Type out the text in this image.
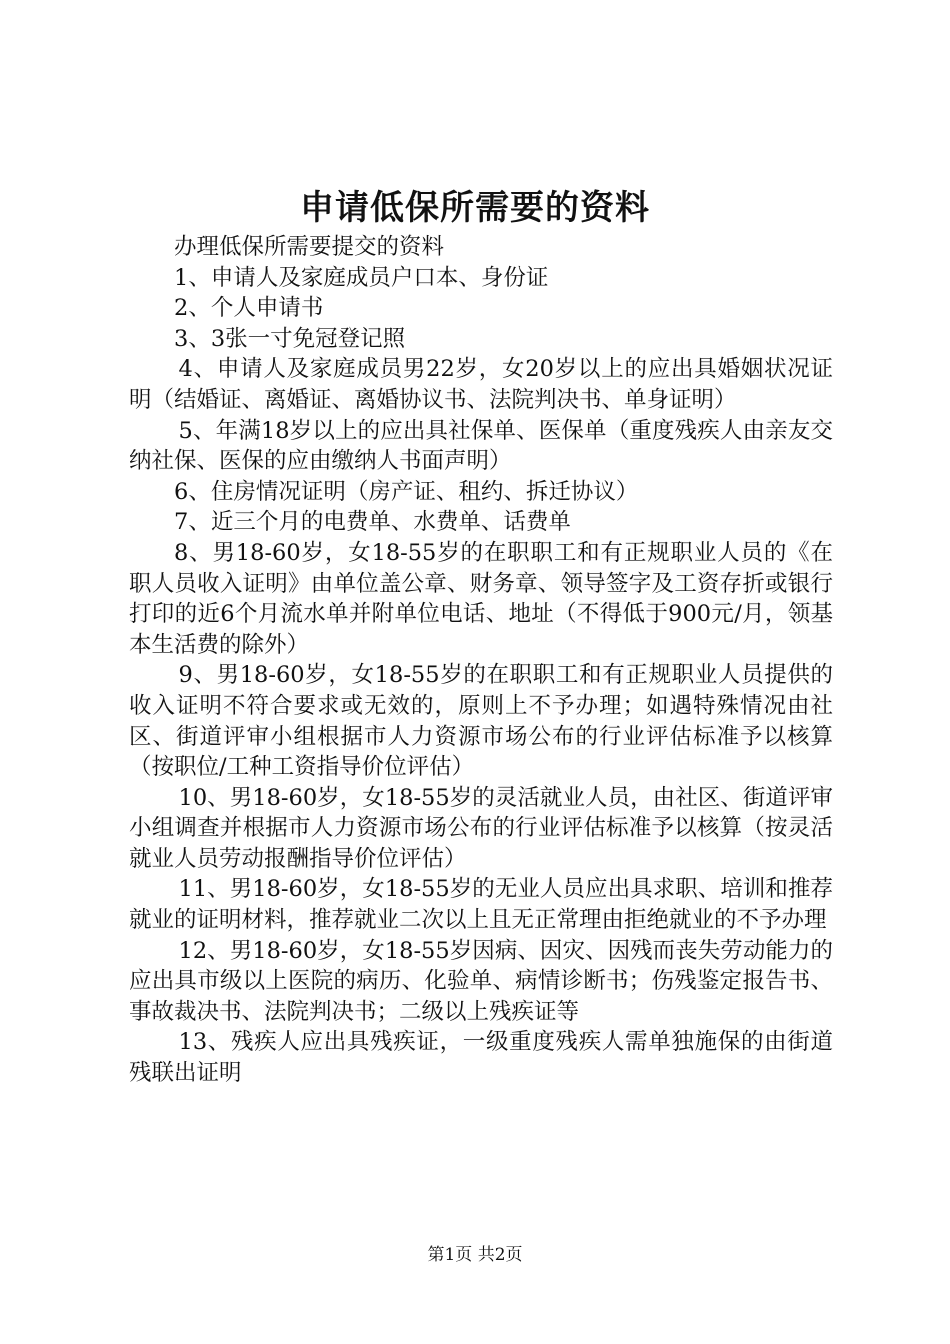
申请低保所需要的资料

办理低保所需要提交的资料

1、申请人及家庭成员户口本、身份证

2、个人申请书

3、3张一寸免冠登记照

4、申请人及家庭成员男22岁，女20岁以上的应出具婚姻状况证明（结婚证、离婚证、离婚协议书、法院判决书、单身证明）

5、年满18岁以上的应出具社保单、医保单（重度残疾人由亲友交纳社保、医保的应由缴纳人书面声明）

6、住房情况证明（房产证、租约、拆迁协议）

7、近三个月的电费单、水费单、话费单

8、男18-60岁，女18-55岁的在职职工和有正规职业人员的《在职人员收入证明》由单位盖公章、财务章、领导签字及工资存折或银行打印的近6个月流水单并附单位电话、地址（不得低于900元/月，领基本生活费的除外）

9、男18-60岁，女18-55岁的在职职工和有正规职业人员提供的收入证明不符合要求或无效的，原则上不予办理；如遇特殊情况由社区、街道评审小组根据市人力资源市场公布的行业评估标准予以核算（按职位/工种工资指导价位评估）

10、男18-60岁，女18-55岁的灵活就业人员，由社区、街道评审小组调查并根据市人力资源市场公布的行业评估标准予以核算（按灵活就业人员劳动报酬指导价位评估）

11、男18-60岁，女18-55岁的无业人员应出具求职、培训和推荐就业的证明材料，推荐就业二次以上且无正常理由拒绝就业的不予办理

12、男18-60岁，女18-55岁因病、因灾、因残而丧失劳动能力的应出具市级以上医院的病历、化验单、病情诊断书；伤残鉴定报告书、事故裁决书、法院判决书；二级以上残疾证等

13、残疾人应出具残疾证，一级重度残疾人需单独施保的由街道残联出证明

第1页 共2页
